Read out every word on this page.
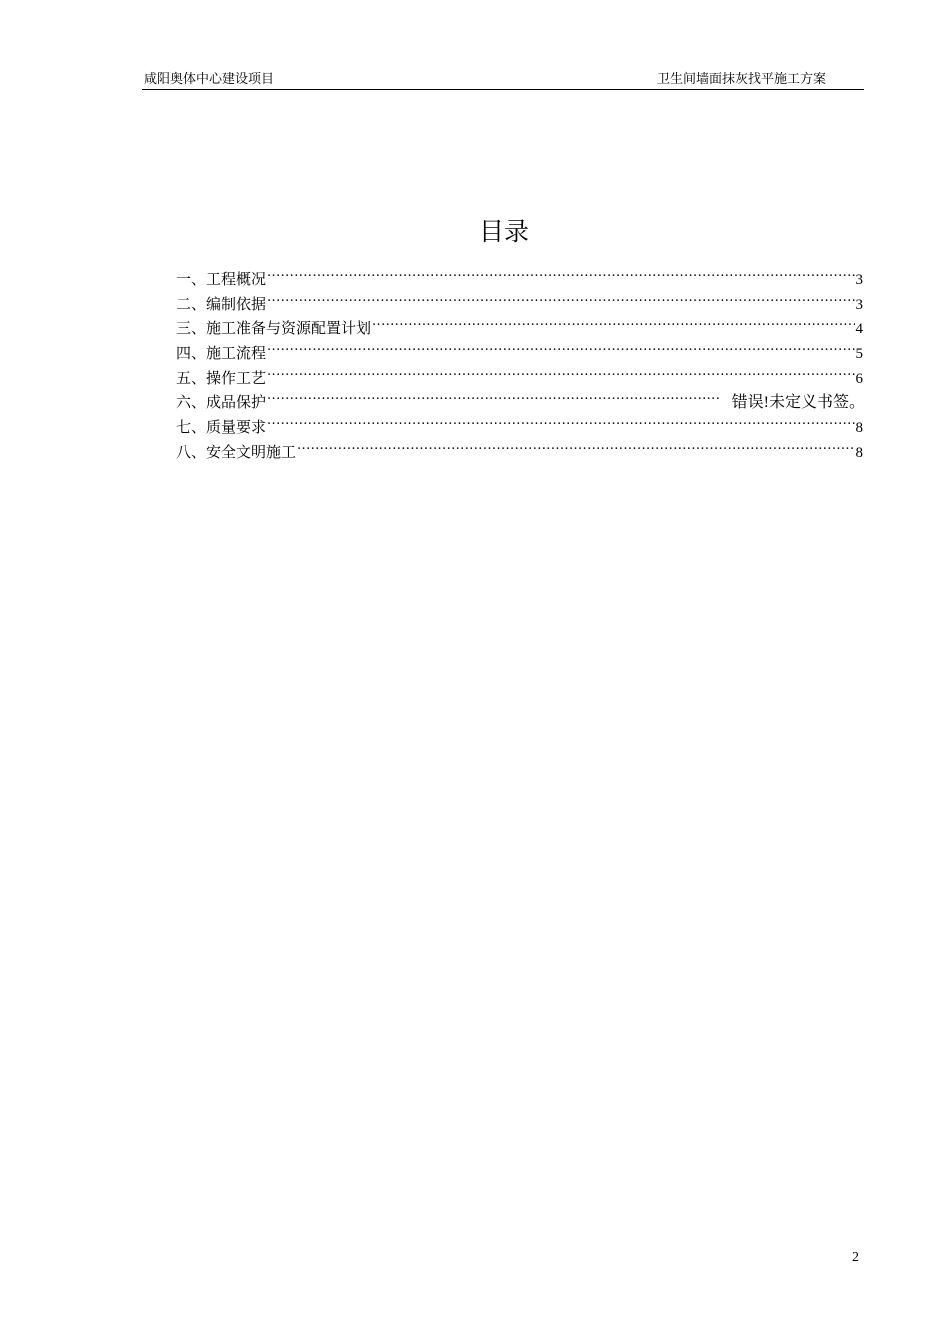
咸阳奥体中心建设项目	卫生间墙面抹灰找平施工方案
目录
一、工程概况 .....	3
二、编制依据 .....	3
三、施工准备与资源配置计划 .....	4
四、施工流程 .....	5
五、操作工艺 .....	6
六、成品保护 .....	错误!未定义书签。
七、质量要求 .....	8
八、安全文明施工 .....	8
2
